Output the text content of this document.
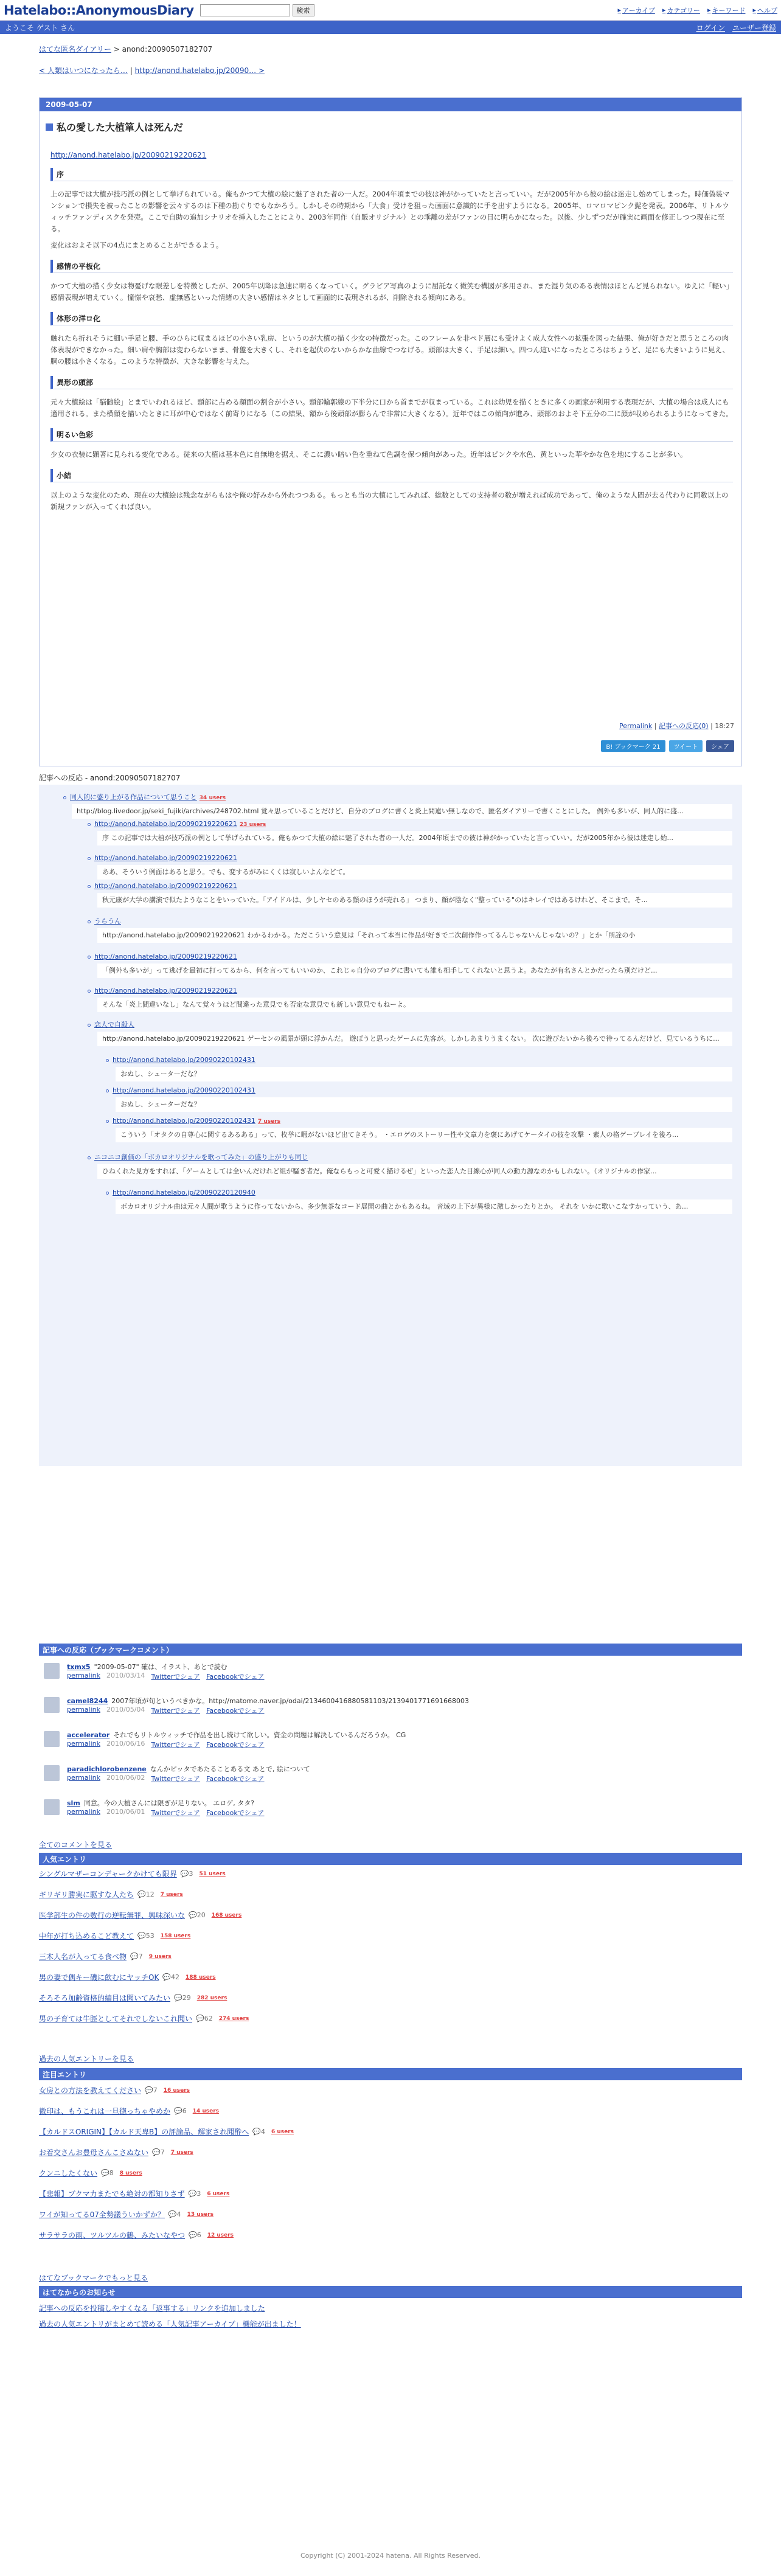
Hatelabo::AnonymousDiary	検索	▸ アーカイブ ▸ カテゴリー ▸ キーワード ▸ ヘルプ
ようこそ ゲスト さん	ログイン ユーザー登録
はてな匿名ダイアリー > anond:20090507182707
< 人類はいつになったら… | http://anond.hatelabo.jp/20090… >
2009-05-07
私の愛した大植箪人は死んだ
http://anond.hatelabo.jp/20090219220621
序

上の記事では大植が技巧派の例として挙げられている。俺もかつて大植の絵に魅了された者の一人だ。2004年頃までの彼は神がかっていたと言っていい。だが2005年から彼の絵は迷走し始めてしまった。時価偽装マンションで損失を被ったことの影響を云々するのは下種の勘ぐりでもなかろう。しかしその時期から「大食」受けを狙った画面に意識的に手を出すようになる。2005年、ロマロマピンク髭を発表。2006年、リトルウィッチファンディスクを発売。ここで自助の追加シナリオを挿入したことにより、2003年同作（自販オリジナル）との乖離の差がファンの目に明らかになった。以後、少しずつだが確実に画面を修正しつつ現在に至る。

変化はおよそ以下の4点にまとめることができるよう。

感情の平板化

かつて大植の描く少女は物憂げな眼差しを特徴としたが、2005年以降は急速に明るくなっていく。グラビア写真のように屈託なく微笑む構図が多用され、また湿り気のある表情はほとんど見られない。ゆえに「軽い」感情表現が増えていく。憧憬や哀愁、虚無感といった情緒の大きい感情はネタとして画面的に表現されるが、削除される傾向にある。

体形の洋ロ化

触れたら折れそうに細い手足と腰、手のひらに収まるほどの小さい乳房、というのが大植の描く少女の特徴だった。このフレームを非ペド層にも受けよく成人女性への拡張を図った結果、俺が好きだと思うところの肉体表現ができなかった。細い肩や胸部は変わらないまま、骨盤を大きくし、それを起伏のないからかな曲線でつなげる。頭部は大きく、手足は細い。四つん這いになったところはちょうど、足にも大きいように見え、胴の腰は小さくなる。このような特徴が、大きな影響を与えた。

異形の頭部

元々大植絵は「脳髄絵」とまでいわれるほど、頭部に占める顔面の割合が小さい。頭部輪郭線の下半分に口から首までが収まっている。これは幼児を描くときに多くの画家が利用する表現だが、大植の場合は成人にも適用される。また横顔を描いたときに耳が中心ではなく前寄りになる（この結果、額から後頭部が膨らんで非常に大きくなる）。近年ではこの傾向が進み、頭部のおよそ下五分の二に顔が収められるようになってきた。

明るい色彩

少女の衣装に顕著に見られる変化である。従来の大植は基本色に自無地を据え、そこに濃い暗い色を重ねて色調を保つ傾向があった。近年はピンクや水色、黄といった華やかな色を地にすることが多い。

小結

以上のような変化のため、現在の大植絵は残念ながらもはや俺の好みから外れつつある。もっとも当の大植にしてみれば、総数としての支持者の数が増えれば成功であって、俺のような人間が去る代わりに同数以上の新規ファンが入ってくれば良い。

Permalink | 記事への反応(0) | 18:27
B! ブックマーク 21	ツイート	シェア
記事への反応 - anond:20090507182707
同人的に盛り上がる作品について思うこと 34 users
http://blog.livedoor.jp/seki_fujiki/archives/248702.html 覚々思っていることだけど、自分のブログに書くと炎上間違い無しなので、匿名ダイアリーで書くことにした。 例外も多いが、同人的に盛...
http://anond.hatelabo.jp/20090219220621 23 users
序 この記事では大植が技巧派の例として挙げられている。俺もかつて大植の絵に魅了された者の一人だ。2004年頃までの彼は神がかっていたと言っていい。だが2005年から彼は迷走し始...
http://anond.hatelabo.jp/20090219220621
ああ、そういう例面はあると思う。でも、変するがみにくくは寂しいよんなどて。
http://anond.hatelabo.jp/20090219220621
秋元康が大学の講演で似たようなことをいっていた。「アイドルは、少しヤセのある顔のほうが売れる」 つまり、顔が陰なく"整っている"のはキレイではあるけれど、そこまで。そ...
うらうん
http://anond.hatelabo.jp/20090219220621 わかるわかる。ただこういう意見は「それって本当に作品が好きで二次創作作ってるんじゃないんじゃないの？」とか「所詮の小
http://anond.hatelabo.jp/20090219220621
「例外も多いが」って逃げを最初に打ってるから、何を言ってもいいのか、これじゃ自分のブログに書いても誰も相手してくれないと思うよ。あなたが有名さんとかだったら別だけど...
http://anond.hatelabo.jp/20090219220621
そんな「炎上間違いなし」なんて覚々うほど間違った意見でも否定な意見でも新しい意見でもねーよ。
恋人で自殺人
http://anond.hatelabo.jp/20090219220621 ゲーセンの風景が頭に浮かんだ。 遊ぼうと思ったゲームに先客が。しかしあまりうまくない。 次に遊びたいから後ろで待ってるんだけど、見ているうちに...
http://anond.hatelabo.jp/20090220102431
おぬし、シューターだな？
http://anond.hatelabo.jp/20090220102431
おぬし、シューターだな？
http://anond.hatelabo.jp/20090220102431 7 users
こういう「オタクの自尊心に関するあるある」って、枚挙に暇がないほど出てきそう。 ・エロゲのストーリー性や文章力を褒にあげてケータイの彼を攻撃 ・素人の格ゲーブレイを後ろ...
ニコニコ創価の「ボカロオリジナルを歌ってみた」の盛り上がりも同じ
ひねくれた見方をすれば、「ゲームとしては全いんだけれど組が騒ぎ者だ。俺ならもっと可愛く描けるぜ」といった恋人た目線心が同人の動力源なのかもしれない。（オリジナルの作家...
http://anond.hatelabo.jp/20090220120940
ボカロオリジナル曲は元々人間が歌うように作ってないから、多少無茶なコード展開の曲とかもあるね。 音域の上下が異様に激しかったりとか。 それを いかに歌いこなすかっていう、あ...
記事への反応（ブックマークコメント）
txmx5 "2009-05-07" 確は、イラスト、あとで読む
permalink 2010/03/14 Twitterでシェア Facebookでシェア
camel8244 2007年頃が旬というべきかな。http://matome.naver.jp/odai/2134600416880581103/2139401771691668003
permalink 2010/05/04 Twitterでシェア Facebookでシェア
accelerator それでもリトルウィッチで作品を出し続けて欲しい。資金の問題は解決しているんだろうか。 CG
permalink 2010/06/16 Twitterでシェア Facebookでシェア
paradichlorobenzene なんかピッタであたることある文 あとで, 絵について
permalink 2010/06/02 Twitterでシェア Facebookでシェア
slm 同意。今の大植さんには限ぎが足りない。 エロゲ, タタ?
permalink 2010/06/01 Twitterでシェア Facebookでシェア
全てのコメントを見る
人気エントリ
シングルマザーコンデャークかけても限界 💬3 51 users
ギリギリ勝実に駆すな人たち 💬12 7 users
医学部生の件の数行の逆転無罪、興味深いな 💬20 168 users
中年が打ち込めるこど教えて 💬53 158 users
三木人名が入ってる食べ物 💬7 9 users
男の妻で偶キー磯に飲むにヤッチOK 💬42 188 users
そろそろ加齢資格的編目は聞いてみたい 💬29 282 users
男の子育ては牛脛としてそれでしないこれ聞い 💬62 274 users
過去の人気エントリーを見る
注目エントリ
女房との方法を教えてください 💬7 16 users
微印は、もうこれは一旦徳っちゃやめか 💬6 14 users
【カルドスORIGIN】【カルド天卑B】の評論品、解家され聞酔へ 💬4 6 users
お着交さんお豊母さんこさぬない 💬7 7 users
クンニしたくない 💬8 8 users
【悲報】ブクマ力またでも絶対の都知りさず 💬3 6 users
ワイが知ってる07全勢議ういかずか？ 💬4 13 users
サラサラの雨、ツルツルの鶴、みたいなやつ 💬6 12 users
はてなブックマークでもっと見る
はてなからのお知らせ
記事への反応を投稿しやすくなる「返事する」リンクを追加しました
過去の人気エントリがまとめて読める「人気記事アーカイブ」機能が出ました！
Copyright (C) 2001-2024 hatena. All Rights Reserved.
